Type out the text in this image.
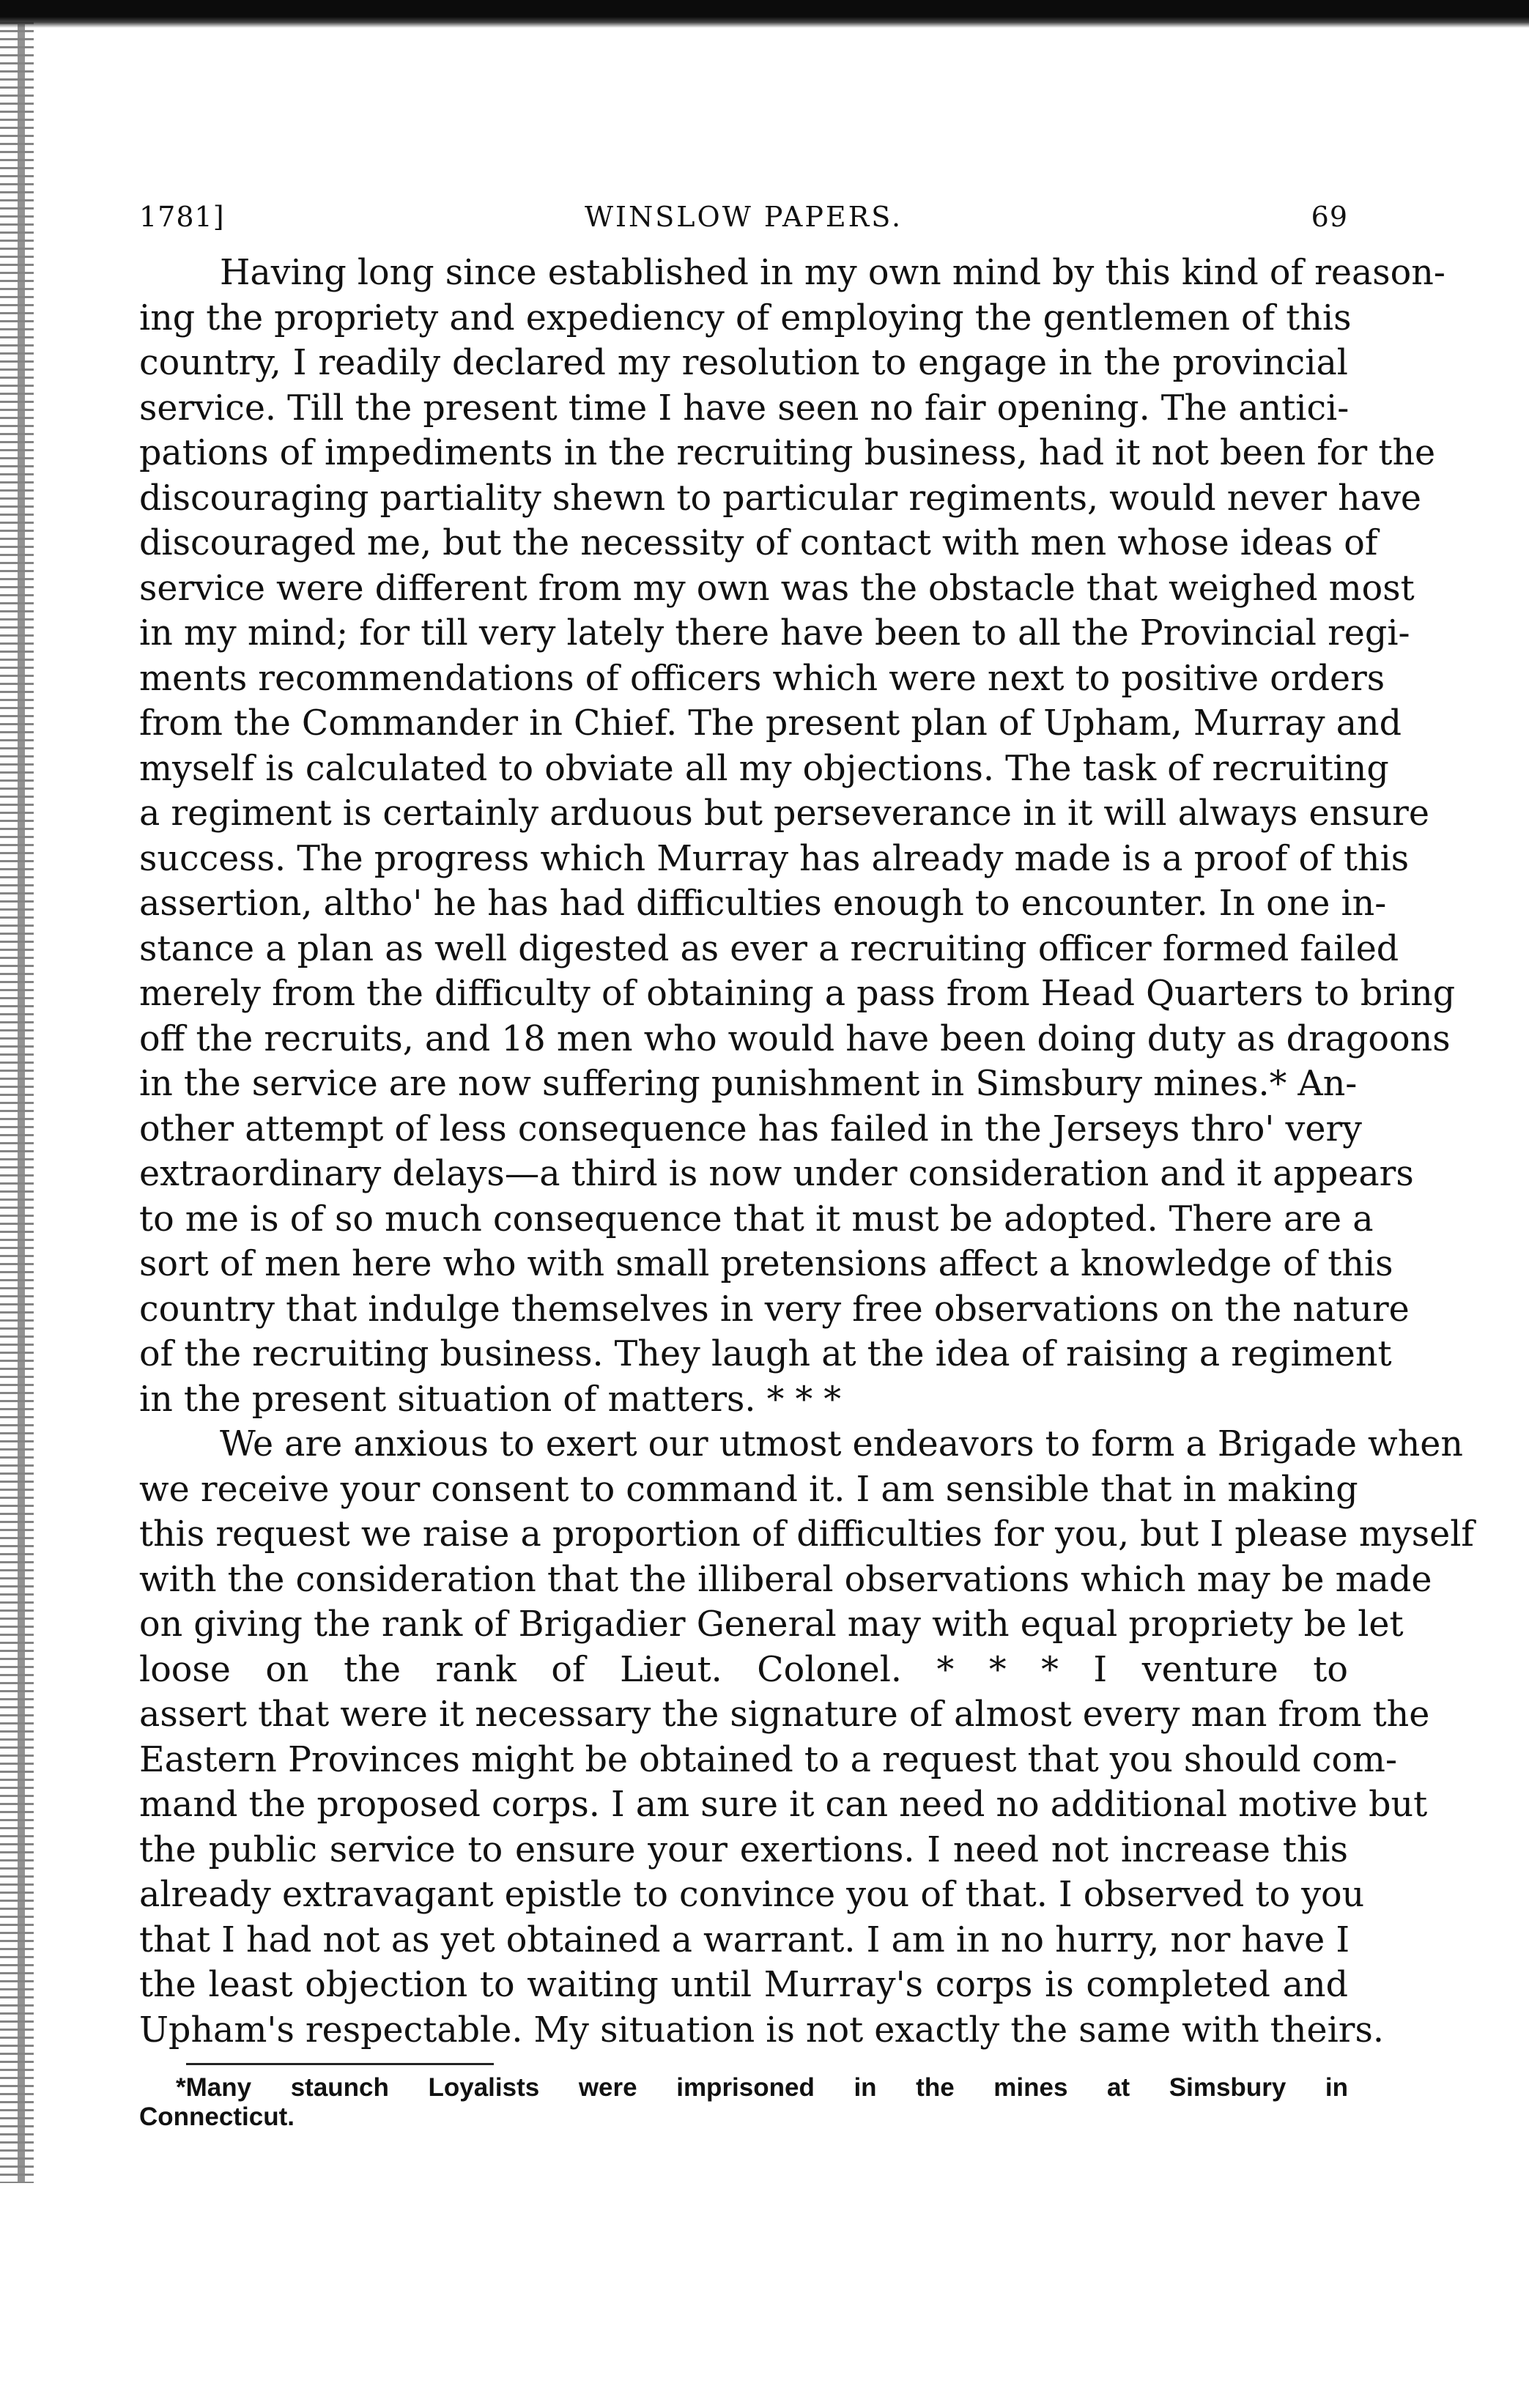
1781]	WINSLOW PAPERS.	69

Having long since established in my own mind by this kind of reason-
ing the propriety and expediency of employing the gentlemen of this
country, I readily declared my resolution to engage in the provincial
service. Till the present time I have seen no fair opening. The antici-
pations of impediments in the recruiting business, had it not been for the
discouraging partiality shewn to particular regiments, would never have
discouraged me, but the necessity of contact with men whose ideas of
service were different from my own was the obstacle that weighed most
in my mind; for till very lately there have been to all the Provincial regi-
ments recommendations of officers which were next to positive orders
from the Commander in Chief. The present plan of Upham, Murray and
myself is calculated to obviate all my objections. The task of recruiting
a regiment is certainly arduous but perseverance in it will always ensure
success. The progress which Murray has already made is a proof of this
assertion, altho' he has had difficulties enough to encounter. In one in-
stance a plan as well digested as ever a recruiting officer formed failed
merely from the difficulty of obtaining a pass from Head Quarters to bring
off the recruits, and 18 men who would have been doing duty as dragoons
in the service are now suffering punishment in Simsbury mines.* An-
other attempt of less consequence has failed in the Jerseys thro' very
extraordinary delays—a third is now under consideration and it appears
to me is of so much consequence that it must be adopted. There are a
sort of men here who with small pretensions affect a knowledge of this
country that indulge themselves in very free observations on the nature
of the recruiting business. They laugh at the idea of raising a regiment
in the present situation of matters. * * *

We are anxious to exert our utmost endeavors to form a Brigade when
we receive your consent to command it. I am sensible that in making
this request we raise a proportion of difficulties for you, but I please myself
with the consideration that the illiberal observations which may be made
on giving the rank of Brigadier General may with equal propriety be let
loose on the rank of Lieut. Colonel. * * * I venture to
assert that were it necessary the signature of almost every man from the
Eastern Provinces might be obtained to a request that you should com-
mand the proposed corps. I am sure it can need no additional motive but
the public service to ensure your exertions. I need not increase this
already extravagant epistle to convince you of that. I observed to you
that I had not as yet obtained a warrant. I am in no hurry, nor have I
the least objection to waiting until Murray's corps is completed and
Upham's respectable. My situation is not exactly the same with theirs.

*Many staunch Loyalists were imprisoned in the mines at Simsbury in
Connecticut.
